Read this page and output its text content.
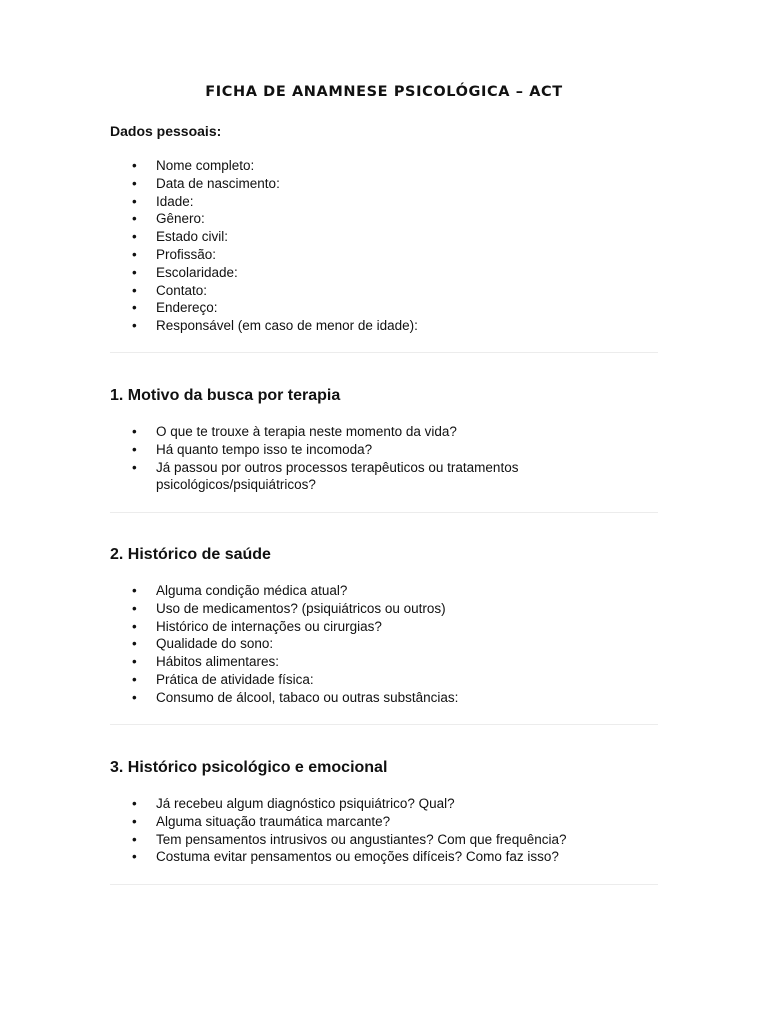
FICHA DE ANAMNESE PSICOLÓGICA – ACT

Dados pessoais:

• Nome completo:
• Data de nascimento:
• Idade:
• Gênero:
• Estado civil:
• Profissão:
• Escolaridade:
• Contato:
• Endereço:
• Responsável (em caso de menor de idade):
1. Motivo da busca por terapia
• O que te trouxe à terapia neste momento da vida?
• Há quanto tempo isso te incomoda?
• Já passou por outros processos terapêuticos ou tratamentos psicológicos/psiquiátricos?
2. Histórico de saúde
• Alguma condição médica atual?
• Uso de medicamentos? (psiquiátricos ou outros)
• Histórico de internações ou cirurgias?
• Qualidade do sono:
• Hábitos alimentares:
• Prática de atividade física:
• Consumo de álcool, tabaco ou outras substâncias:
3. Histórico psicológico e emocional
• Já recebeu algum diagnóstico psiquiátrico? Qual?
• Alguma situação traumática marcante?
• Tem pensamentos intrusivos ou angustiantes? Com que frequência?
• Costuma evitar pensamentos ou emoções difíceis? Como faz isso?
